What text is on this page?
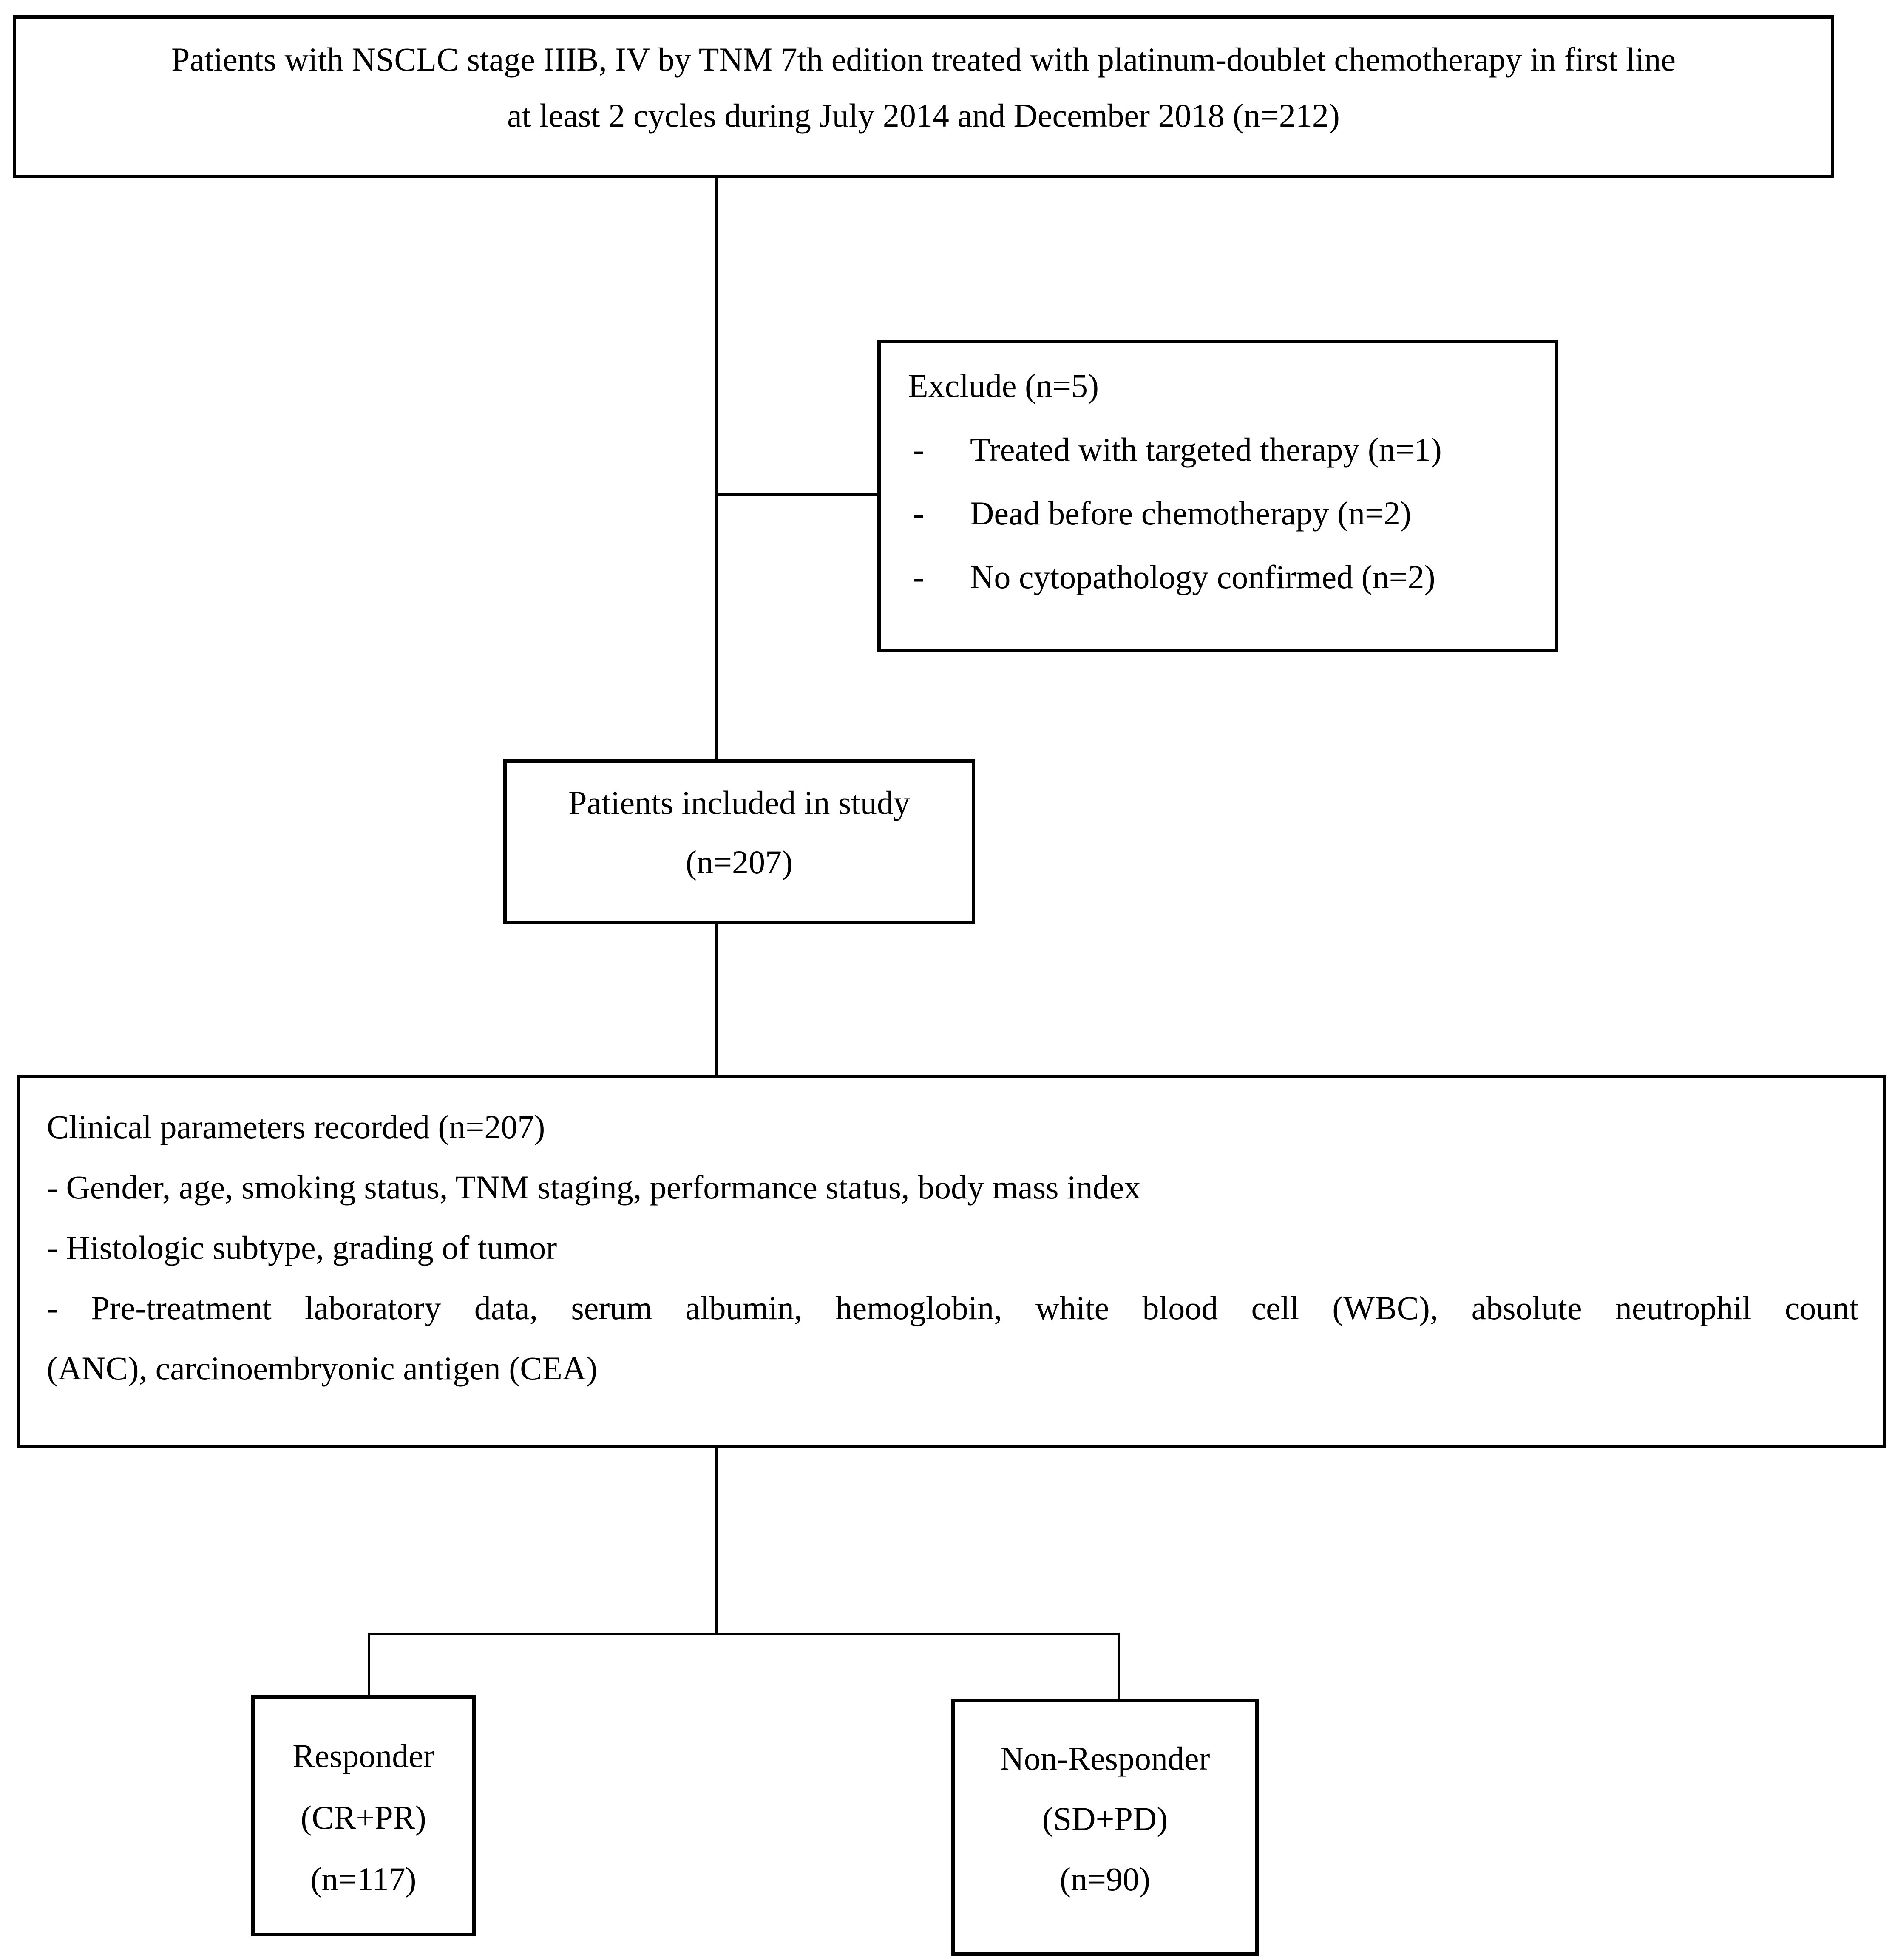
Patients with NSCLC stage IIIB, IV by TNM 7th edition treated with platinum-doublet chemotherapy in first line
at least 2 cycles during July 2014 and December 2018 (n=212)
Exclude (n=5)
-	Treated with targeted therapy (n=1)
-	Dead before chemotherapy (n=2)
-	No cytopathology confirmed (n=2)
Patients included in study
(n=207)
Clinical parameters recorded (n=207)
- Gender, age, smoking status, TNM staging, performance status, body mass index
- Histologic subtype, grading of tumor
- Pre-treatment laboratory data, serum albumin, hemoglobin, white blood cell (WBC), absolute neutrophil count
(ANC), carcinoembryonic antigen (CEA)
Responder
(CR+PR)
(n=117)
Non-Responder
(SD+PD)
(n=90)
